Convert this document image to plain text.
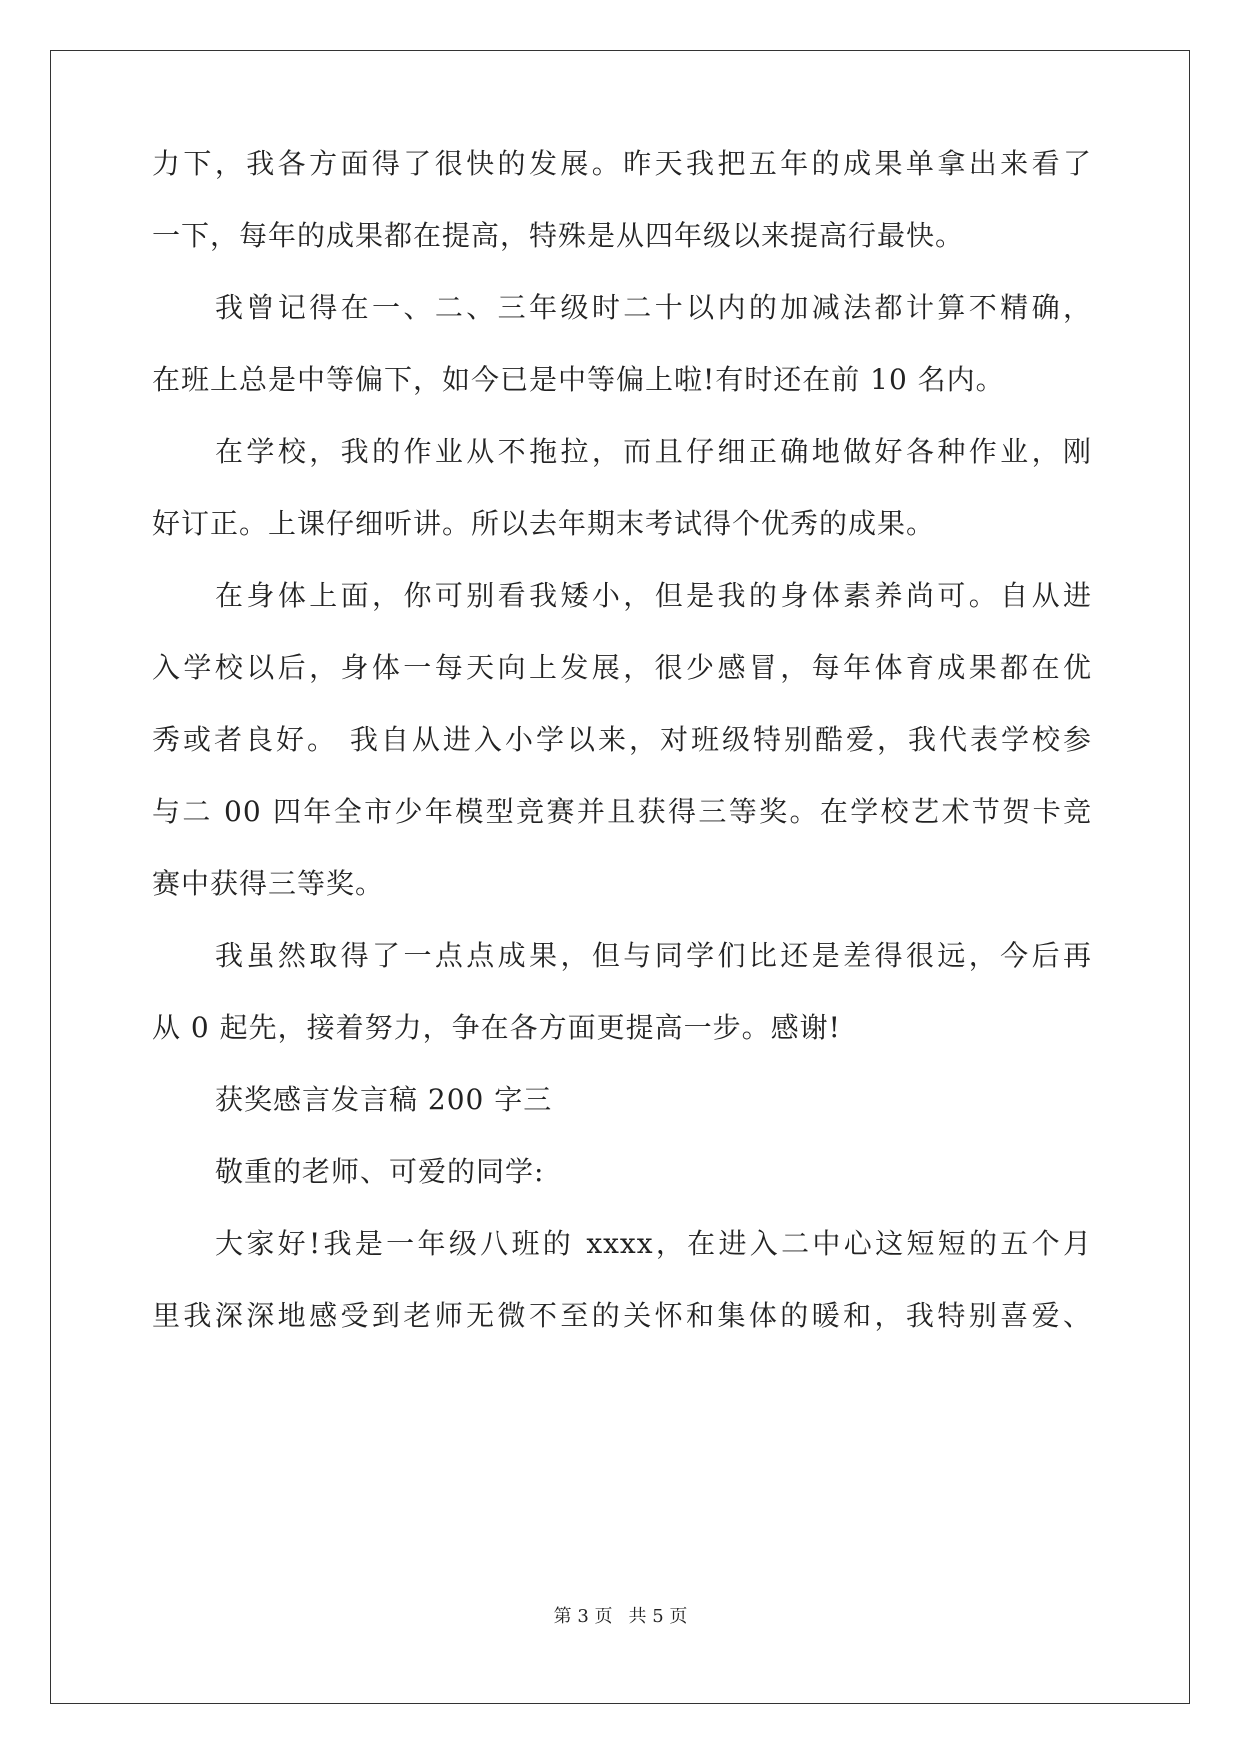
力下，我各方面得了很快的发展。昨天我把五年的成果单拿出来看了
一下，每年的成果都在提高，特殊是从四年级以来提高行最快。
我曾记得在一、二、三年级时二十以内的加减法都计算不精确，
在班上总是中等偏下，如今已是中等偏上啦!有时还在前 10 名内。
在学校，我的作业从不拖拉，而且仔细正确地做好各种作业，刚
好订正。上课仔细听讲。所以去年期末考试得个优秀的成果。
在身体上面，你可别看我矮小，但是我的身体素养尚可。自从进
入学校以后，身体一每天向上发展，很少感冒，每年体育成果都在优
秀或者良好。 我自从进入小学以来，对班级特别酷爱，我代表学校参
与二 00 四年全市少年模型竞赛并且获得三等奖。在学校艺术节贺卡竞
赛中获得三等奖。
我虽然取得了一点点成果，但与同学们比还是差得很远，今后再
从 0 起先，接着努力，争在各方面更提高一步。感谢!
获奖感言发言稿 200 字三
敬重的老师、可爱的同学:
大家好!我是一年级八班的 xxxx，在进入二中心这短短的五个月
里我深深地感受到老师无微不至的关怀和集体的暖和，我特别喜爱、
第 3 页 共 5 页
